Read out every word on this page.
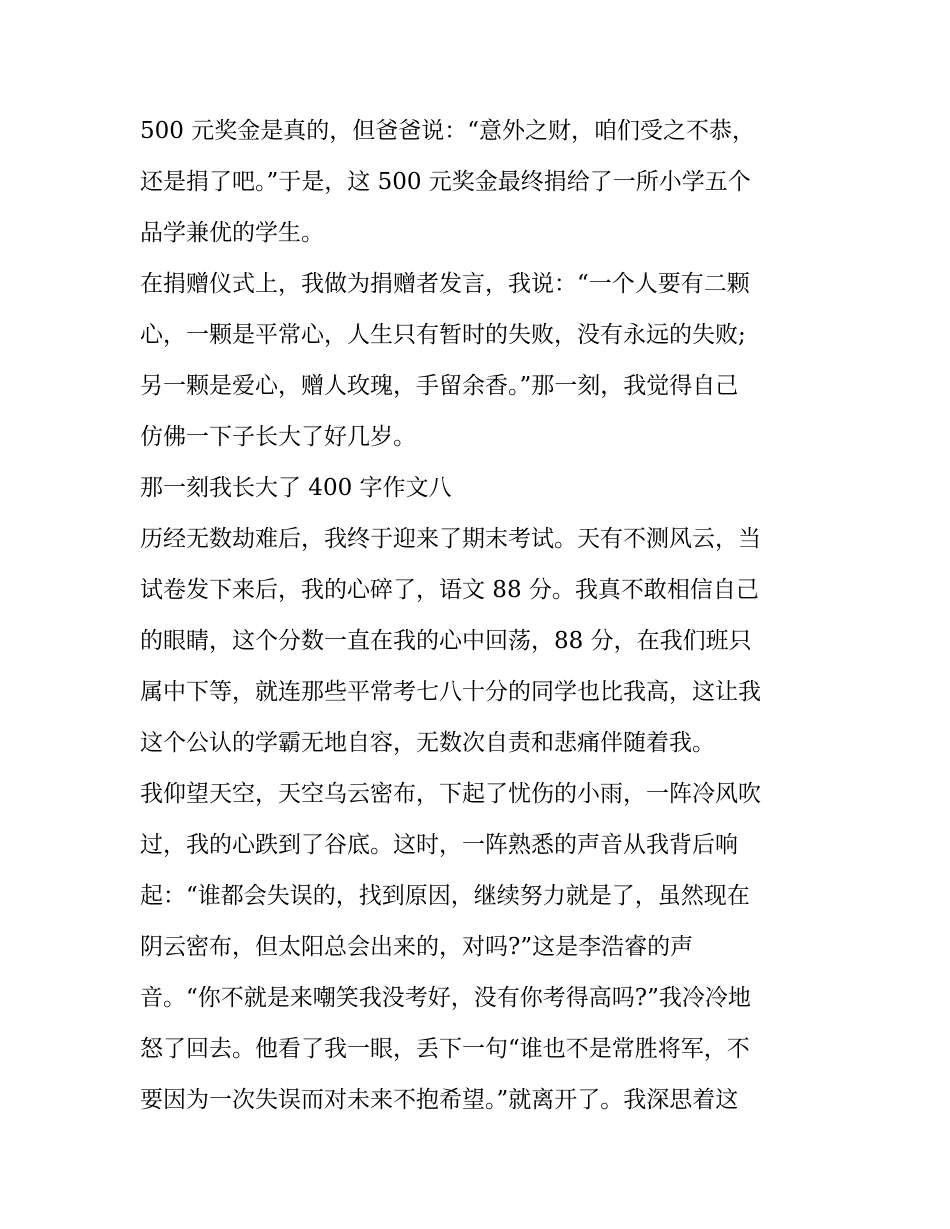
500 元奖金是真的，但爸爸说：“意外之财，咱们受之不恭，
还是捐了吧。”于是，这 500 元奖金最终捐给了一所小学五个
品学兼优的学生。
在捐赠仪式上，我做为捐赠者发言，我说：“一个人要有二颗
心，一颗是平常心，人生只有暂时的失败，没有永远的失败;
另一颗是爱心，赠人玫瑰，手留余香。”那一刻，我觉得自己
仿佛一下子长大了好几岁。
那一刻我长大了 400 字作文八
历经无数劫难后，我终于迎来了期末考试。天有不测风云，当
试卷发下来后，我的心碎了，语文 88 分。我真不敢相信自己
的眼睛，这个分数一直在我的心中回荡，88 分，在我们班只
属中下等，就连那些平常考七八十分的同学也比我高，这让我
这个公认的学霸无地自容，无数次自责和悲痛伴随着我。
我仰望天空，天空乌云密布，下起了忧伤的小雨，一阵冷风吹
过，我的心跌到了谷底。这时，一阵熟悉的声音从我背后响
起：“谁都会失误的，找到原因，继续努力就是了，虽然现在
阴云密布，但太阳总会出来的，对吗?”这是李浩睿的声
音。“你不就是来嘲笑我没考好，没有你考得高吗?”我冷冷地
怒了回去。他看了我一眼，丢下一句“谁也不是常胜将军，不
要因为一次失误而对未来不抱希望。”就离开了。我深思着这
